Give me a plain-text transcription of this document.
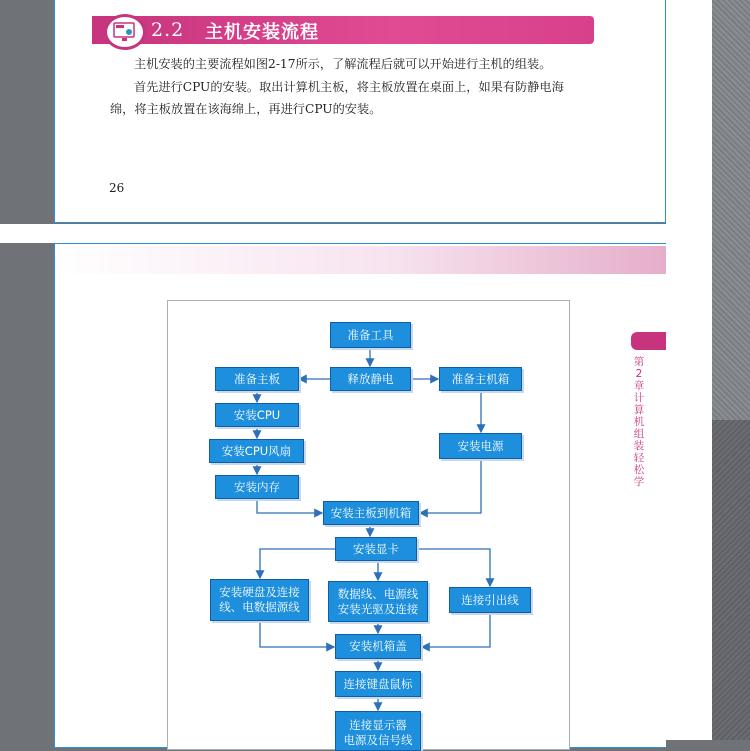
2.2 主机安装流程
主机安装的主要流程如图2-17所示，了解流程后就可以开始进行主机的组装。
首先进行CPU的安装。取出计算机主板，将主板放置在桌面上，如果有防静电海
绵，将主板放置在该海绵上，再进行CPU的安装。
26
第2章 计算机组装轻松学
准备工具
释放静电
准备主板	准备主机箱
安装CPU
安装CPU风扇	安装电源
安装内存
安装主板到机箱
安装显卡
安装硬盘及连接
线、电数据源线
数据线、电源线
安装光驱及连接
连接引出线
安装机箱盖
连接键盘鼠标
连接显示器
电源及信号线
